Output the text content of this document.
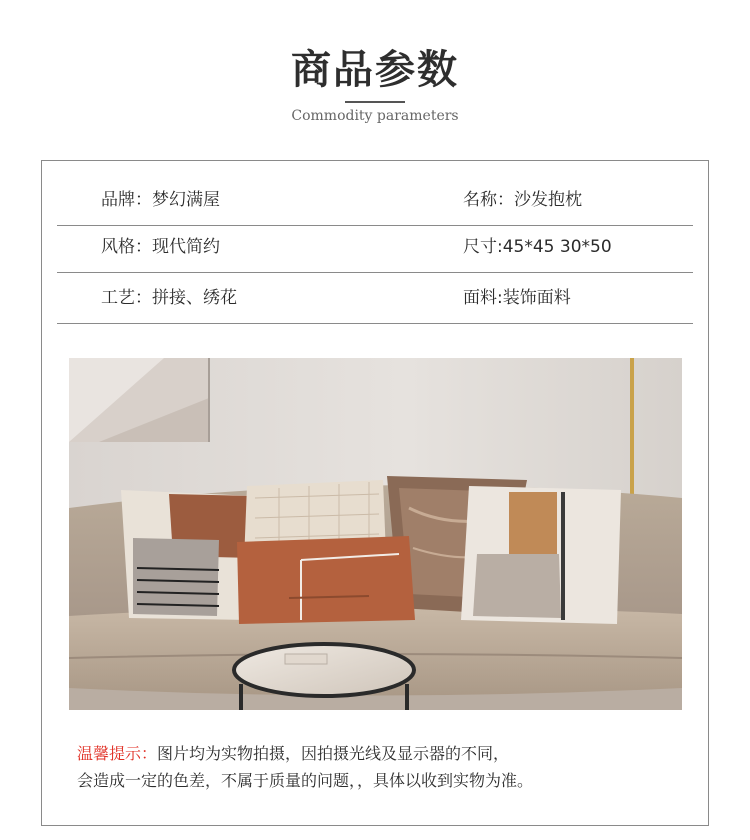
商品参数
Commodity parameters
品牌：梦幻满屋	名称：沙发抱枕
风格：现代简约	尺寸:45*45 30*50
工艺：拼接、绣花	面料:装饰面料
温馨提示：图片均为实物拍摄，因拍摄光线及显示器的不同，
会造成一定的色差，不属于质量的问题，，具体以收到实物为准。
